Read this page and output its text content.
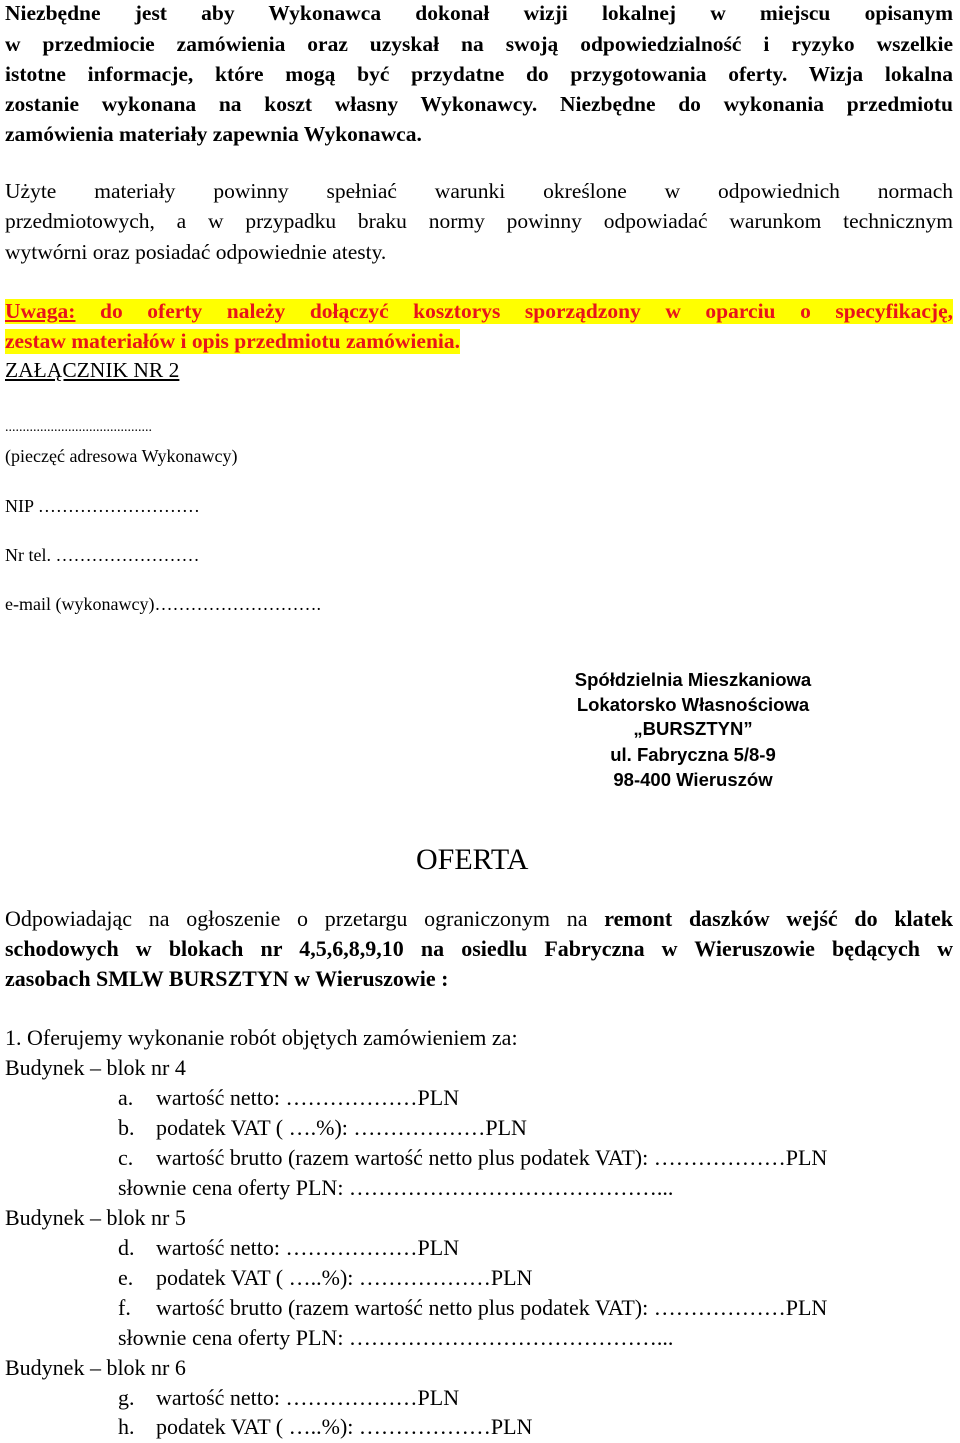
Niezbędne jest aby Wykonawca dokonał wizji lokalnej w miejscu opisanym
w przedmiocie zamówienia oraz uzyskał na swoją odpowiedzialność i ryzyko wszelkie
istotne informacje, które mogą być przydatne do przygotowania oferty. Wizja lokalna
zostanie wykonana na koszt własny Wykonawcy. Niezbędne do wykonania przedmiotu
zamówienia materiały zapewnia Wykonawca.
Użyte materiały powinny spełniać warunki określone w odpowiednich normach
przedmiotowych, a w przypadku braku normy powinny odpowiadać warunkom technicznym
wytwórni oraz posiadać odpowiednie atesty.
Uwaga: do oferty należy dołączyć kosztorys sporządzony w oparciu o specyfikację,
zestaw materiałów i opis przedmiotu zamówienia.
ZAŁĄCZNIK NR 2
..........................................
(pieczęć adresowa Wykonawcy)
NIP ………………………
Nr tel. ……………………
e-mail (wykonawcy)……………………….
Spółdzielnia Mieszkaniowa
Lokatorsko Własnościowa
„BURSZTYN”
ul. Fabryczna 5/8-9
98-400 Wieruszów
OFERTA
Odpowiadając na ogłoszenie o przetargu ograniczonym na remont daszków wejść do klatek
schodowych w blokach nr 4,5,6,8,9,10 na osiedlu Fabryczna w Wieruszowie będących w
zasobach SMLW BURSZTYN w Wieruszowie :
1. Oferujemy wykonanie robót objętych zamówieniem za:
Budynek – blok nr 4
a. wartość netto: ………………PLN
b. podatek VAT ( ….%): ………………PLN
c. wartość brutto (razem wartość netto plus podatek VAT): ………………PLN
słownie cena oferty PLN: ……………………………………...
Budynek – blok nr 5
d. wartość netto: ………………PLN
e. podatek VAT ( …..%): ………………PLN
f. wartość brutto (razem wartość netto plus podatek VAT): ………………PLN
słownie cena oferty PLN: ……………………………………...
Budynek – blok nr 6
g. wartość netto: ………………PLN
h. podatek VAT ( …..%): ………………PLN
